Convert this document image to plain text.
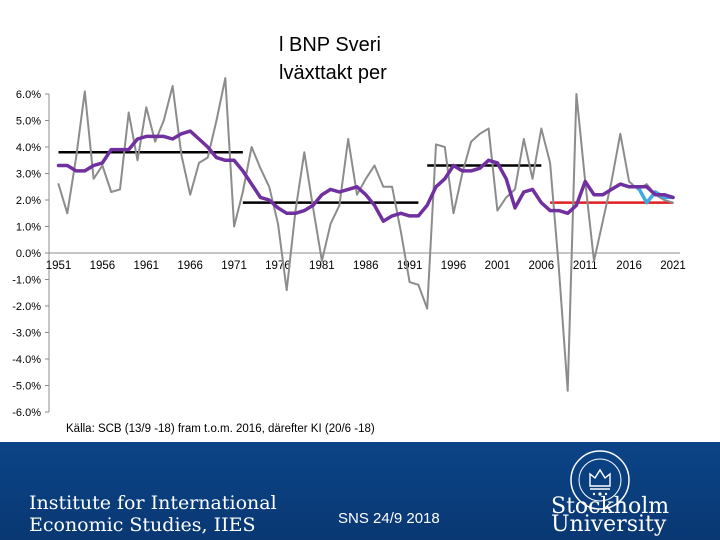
l BNP Sveri
lväxttakt per
-6.0%
-5.0%
-4.0%
-3.0%
-2.0%
-1.0%
0.0%
1.0%
2.0%
3.0%
4.0%
5.0%
6.0%
1951 1956 1961 1966 1971 1976 1981 1986 1991 1996 2001 2006 2011 2016 2021
Källa: SCB (13/9 -18) fram t.o.m. 2016, därefter KI (20/6 -18)
Institute for International
Economic Studies, IIES	SNS 24/9 2018	Stockholm
University
